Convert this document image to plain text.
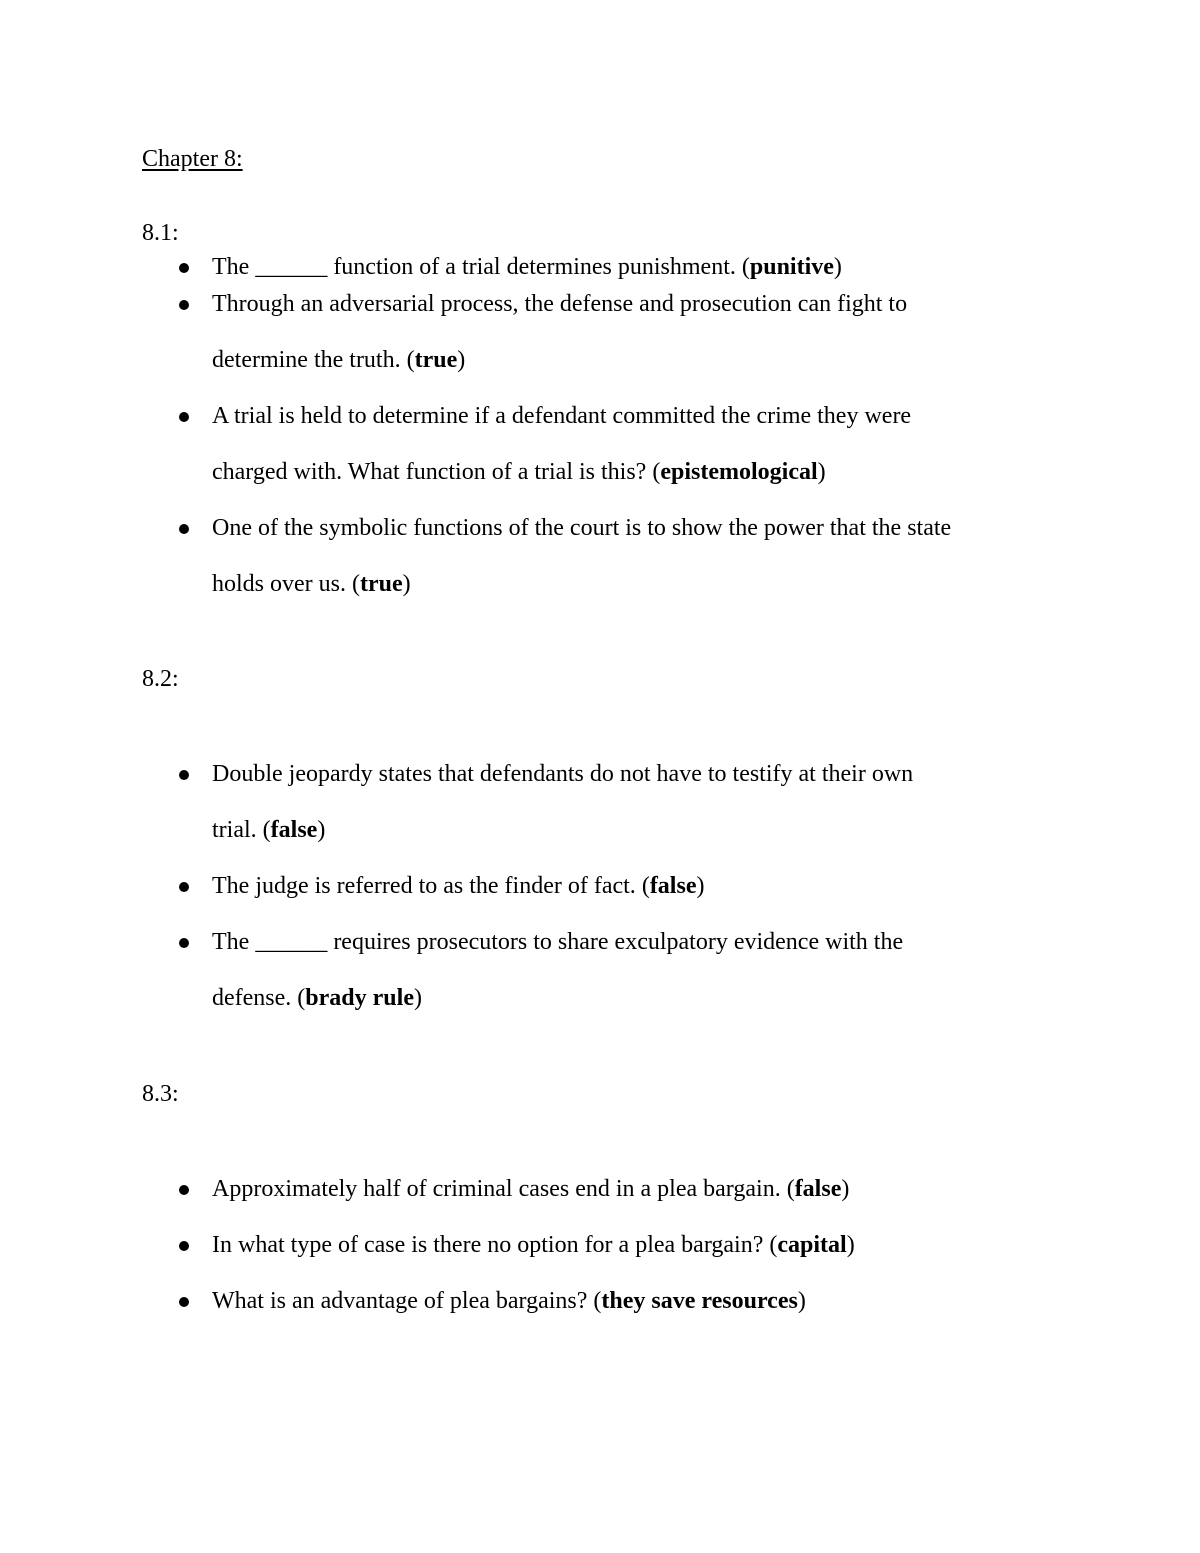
Chapter 8:
8.1:
The ______ function of a trial determines punishment. (punitive)
Through an adversarial process, the defense and prosecution can fight to
determine the truth. (true)
A trial is held to determine if a defendant committed the crime they were
charged with. What function of a trial is this? (epistemological)
One of the symbolic functions of the court is to show the power that the state
holds over us. (true)
8.2:
Double jeopardy states that defendants do not have to testify at their own
trial. (false)
The judge is referred to as the finder of fact. (false)
The ______ requires prosecutors to share exculpatory evidence with the
defense. (brady rule)
8.3:
Approximately half of criminal cases end in a plea bargain. (false)
In what type of case is there no option for a plea bargain? (capital)
What is an advantage of plea bargains? (they save resources)
